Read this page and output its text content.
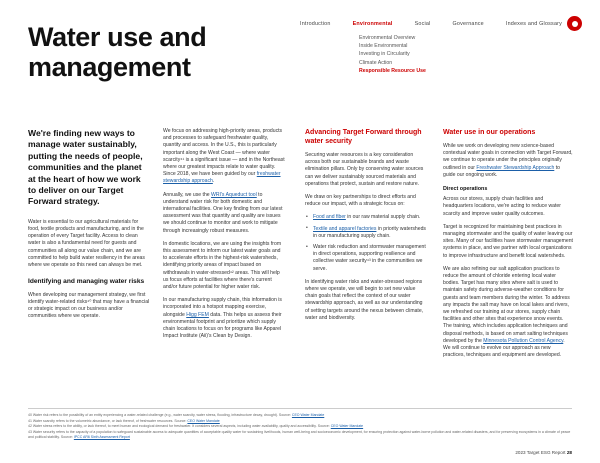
Introduction	Environmental	Social	Governance	Indexes and Glossary
Environmental Overview
Inside Environmental
Investing in Circularity
Climate Action
Responsible Resource Use
Water use and management
We're finding new ways to manage water sustainably, putting the needs of people, communities and the planet at the heart of how we work to deliver on our Target Forward strategy.

Water is essential to our agricultural materials for food, textile products and manufacturing, and in the operation of every Target facility. Access to clean water is also a fundamental need for guests and communities all along our value chain, and we are committed to help build water resiliency in the areas where we operate so this need can always be met.

Identifying and managing water risks

When developing our management strategy, we first identify water-related risks⁴⁰ that may have a financial or strategic impact on our business and/or communities where we operate.

We focus on addressing high-priority areas, products and processes to safeguard freshwater quality, quantity and access. In the U.S., this is particularly important along the West Coast — where water scarcity⁴¹ is a significant issue — and in the Northeast where our greatest impacts relate to water quality. Since 2018, we have been guided by our freshwater stewardship approach.

Annually, we use the WRI's Aqueduct tool to understand water risk for both domestic and international facilities. One key finding from our latest assessment was that quantity and quality are issues we should continue to monitor and work to mitigate through increasingly robust measures.

In domestic locations, we are using the insights from this assessment to inform our latest water goals and to accelerate efforts in the highest-risk watersheds, identifying priority areas of impact based on withdrawals in water-stressed⁴² areas. This will help us focus efforts at facilities where there's current and/or future potential for higher water risk.

In our manufacturing supply chain, this information is incorporated into a hotspot mapping exercise, alongside Higg FEM data. This helps us assess their environmental footprint and prioritize which supply chain locations to focus on for programs like Apparel Impact Institute (Aii)'s Clean by Design.

Advancing Target Forward through water security

Securing water resources is a key consideration across both our sustainable brands and waste elimination pillars. Only by conserving water sources can we deliver sustainably sourced materials and operations that protect, sustain and restore nature.

We draw on key partnerships to direct efforts and reduce our impact, with a strategic focus on:

• Food and fiber in our raw material supply chain.
• Textile and apparel factories in priority watersheds in our manufacturing supply chain.
• Water risk reduction and stormwater management in direct operations, supporting resilience and collective water security⁴³ in the communities we serve.

In identifying water risks and water-stressed regions where we operate, we will begin to set new value chain goals that reflect the context of our water stewardship approach, as well as our understanding of setting targets around the nexus between climate, water and biodiversity.

Water use in our operations

While we work on developing new science-based contextual water goals in connection with Target Forward, we continue to operate under the principles originally outlined in our Freshwater Stewardship Approach to guide our ongoing work.

Direct operations

Across our stores, supply chain facilities and headquarters locations, we're acting to reduce water scarcity and improve water quality outcomes.

Target is recognized for maintaining best practices in managing stormwater and the quality of water leaving our sites. Many of our facilities have stormwater management systems in place, and we partner with local organizations to improve infrastructure and benefit local watersheds.

We are also refining our salt application practices to reduce the amount of chloride entering local water bodies. Target has many sites where salt is used to maintain safety during adverse-weather conditions for guests and team members during the winter. To address any impacts the salt may have on local lakes and rivers, we refreshed our training at our stores, supply chain facilities and other sites that experience snow events. The training, which includes application techniques and disposal methods, is based on smart salting techniques developed by the Minnesota Pollution Control Agency. We will continue to evolve our approach as new practices, techniques and equipment are developed.

40 Water risk refers to the possibility of an entity experiencing a water-related challenge (e.g., water scarcity, water stress, flooding, infrastructure decay, drought). Source: CEO Water Mandate
41 Water scarcity refers to the volumetric abundance, or lack thereof, of freshwater resources. Source: CEO Water Mandate
42 Water stress refers to the ability, or lack thereof, to meet human and ecological demand for freshwater. It considers several aspects, including water availability, quality and accessibility. Source: CEO Water Mandate
43 Water security refers to the capacity of a population to safeguard sustainable access to adequate quantities of acceptable quality water for sustaining livelihoods, human well-being and socioeconomic development, for ensuring protection against water-borne pollution and water-related disasters, and for preserving ecosystems in a climate of peace and political stability. Source: IPCC AR6 Sixth Assessment Report
2023 Target ESG Report 28
